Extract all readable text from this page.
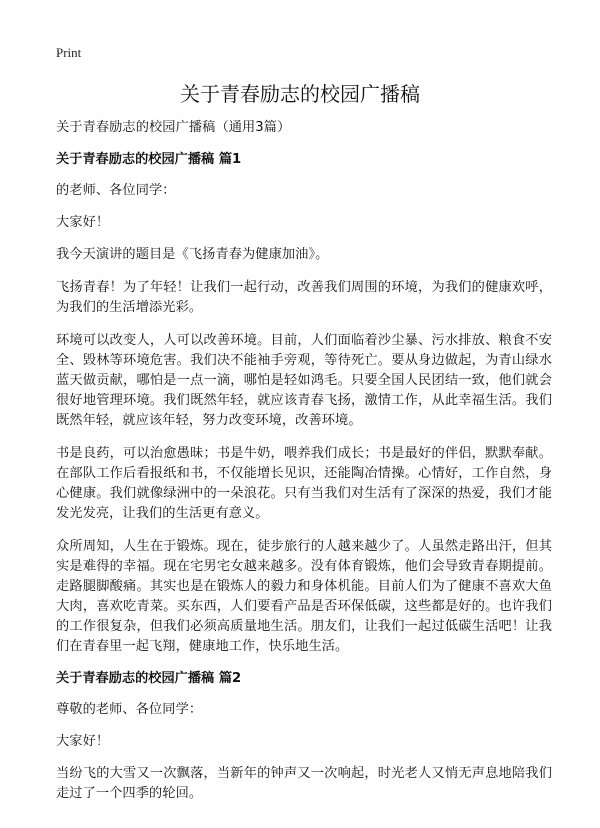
Print
关于青春励志的校园广播稿

关于青春励志的校园广播稿（通用3篇）

关于青春励志的校园广播稿 篇1

的老师、各位同学：

大家好！

我今天演讲的题目是《飞扬青春为健康加油》。

飞扬青春！为了年轻！让我们一起行动，改善我们周围的环境，为我们的健康欢呼，为我们的生活增添光彩。

环境可以改变人，人可以改善环境。目前，人们面临着沙尘暴、污水排放、粮食不安全、毁林等环境危害。我们决不能袖手旁观，等待死亡。要从身边做起，为青山绿水蓝天做贡献，哪怕是一点一滴，哪怕是轻如鸿毛。只要全国人民团结一致，他们就会很好地管理环境。我们既然年轻，就应该青春飞扬，激情工作，从此幸福生活。我们既然年轻，就应该年轻，努力改变环境，改善环境。

书是良药，可以治愈愚昧；书是牛奶，喂养我们成长；书是最好的伴侣，默默奉献。在部队工作后看报纸和书，不仅能增长见识，还能陶冶情操。心情好，工作自然，身心健康。我们就像绿洲中的一朵浪花。只有当我们对生活有了深深的热爱，我们才能发光发亮，让我们的生活更有意义。

众所周知，人生在于锻炼。现在，徒步旅行的人越来越少了。人虽然走路出汗，但其实是难得的幸福。现在宅男宅女越来越多。没有体育锻炼，他们会导致青春期提前。走路腿脚酸痛。其实也是在锻炼人的毅力和身体机能。目前人们为了健康不喜欢大鱼大肉，喜欢吃青菜。买东西，人们要看产品是否环保低碳，这些都是好的。也许我们的工作很复杂，但我们必须高质量地生活。朋友们，让我们一起过低碳生活吧！让我们在青春里一起飞翔，健康地工作，快乐地生活。

关于青春励志的校园广播稿 篇2

尊敬的老师、各位同学：

大家好！

当纷飞的大雪又一次飘落，当新年的钟声又一次响起，时光老人又悄无声息地陪我们走过了一个四季的轮回。
